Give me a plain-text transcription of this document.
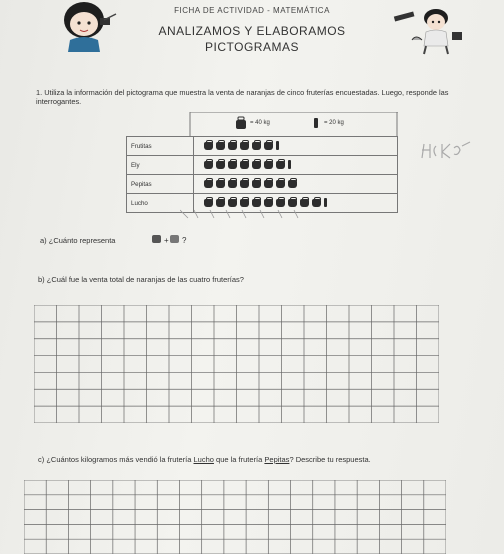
FICHA DE ACTIVIDAD - MATEMÁTICA
ANALIZAMOS Y ELABORAMOS
PICTOGRAMAS
1. Utiliza la información del pictograma que muestra la venta de naranjas de cinco fruterías encuestadas. Luego, responde las interrogantes.
= 40 kg	= 20 kg
Frutitas	
Ely	
Pepitas	
Lucho	
a) ¿Cuánto representa	+ ?
b) ¿Cuál fue la venta total de naranjas de las cuatro fruterías?
c) ¿Cuántos kilogramos más vendió la frutería Lucho que la frutería Pepitas? Describe tu respuesta.
